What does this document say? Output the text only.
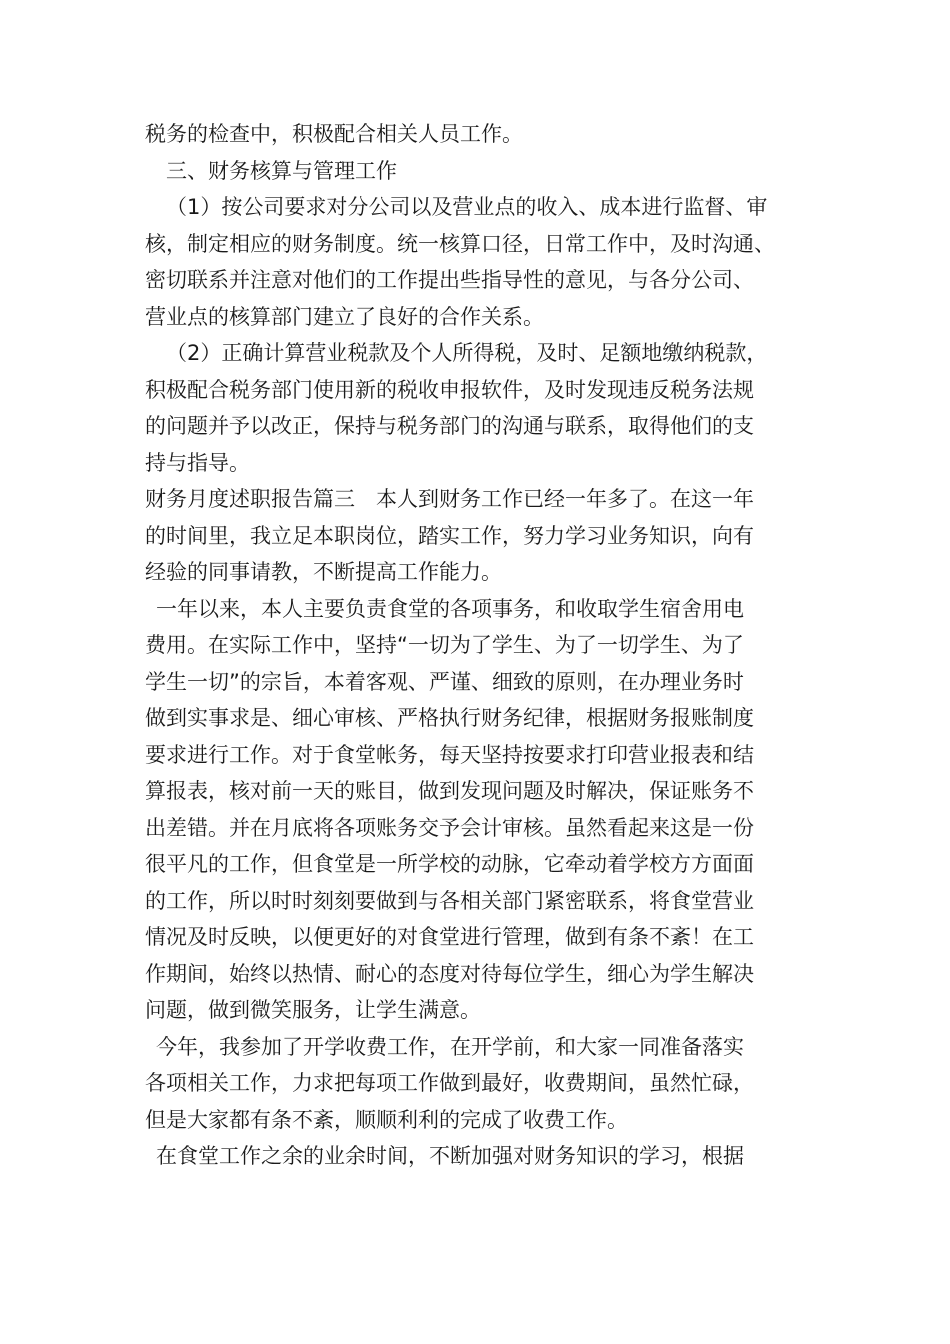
税务的检查中，积极配合相关人员工作。
三、财务核算与管理工作
（1）按公司要求对分公司以及营业点的收入、成本进行监督、审
核，制定相应的财务制度。统一核算口径，日常工作中，及时沟通、
密切联系并注意对他们的工作提出些指导性的意见，与各分公司、
营业点的核算部门建立了良好的合作关系。
（2）正确计算营业税款及个人所得税，及时、足额地缴纳税款，
积极配合税务部门使用新的税收申报软件，及时发现违反税务法规
的问题并予以改正，保持与税务部门的沟通与联系，取得他们的支
持与指导。
财务月度述职报告篇三　本人到财务工作已经一年多了。在这一年
的时间里，我立足本职岗位，踏实工作，努力学习业务知识，向有
经验的同事请教，不断提高工作能力。
一年以来，本人主要负责食堂的各项事务，和收取学生宿舍用电
费用。在实际工作中，坚持“一切为了学生、为了一切学生、为了
学生一切”的宗旨，本着客观、严谨、细致的原则，在办理业务时
做到实事求是、细心审核、严格执行财务纪律，根据财务报账制度
要求进行工作。对于食堂帐务，每天坚持按要求打印营业报表和结
算报表，核对前一天的账目，做到发现问题及时解决，保证账务不
出差错。并在月底将各项账务交予会计审核。虽然看起来这是一份
很平凡的工作，但食堂是一所学校的动脉，它牵动着学校方方面面
的工作，所以时时刻刻要做到与各相关部门紧密联系，将食堂营业
情况及时反映，以便更好的对食堂进行管理，做到有条不紊！在工
作期间，始终以热情、耐心的态度对待每位学生，细心为学生解决
问题，做到微笑服务，让学生满意。
今年，我参加了开学收费工作，在开学前，和大家一同准备落实
各项相关工作，力求把每项工作做到最好，收费期间，虽然忙碌，
但是大家都有条不紊，顺顺利利的完成了收费工作。
在食堂工作之余的业余时间，不断加强对财务知识的学习，根据
